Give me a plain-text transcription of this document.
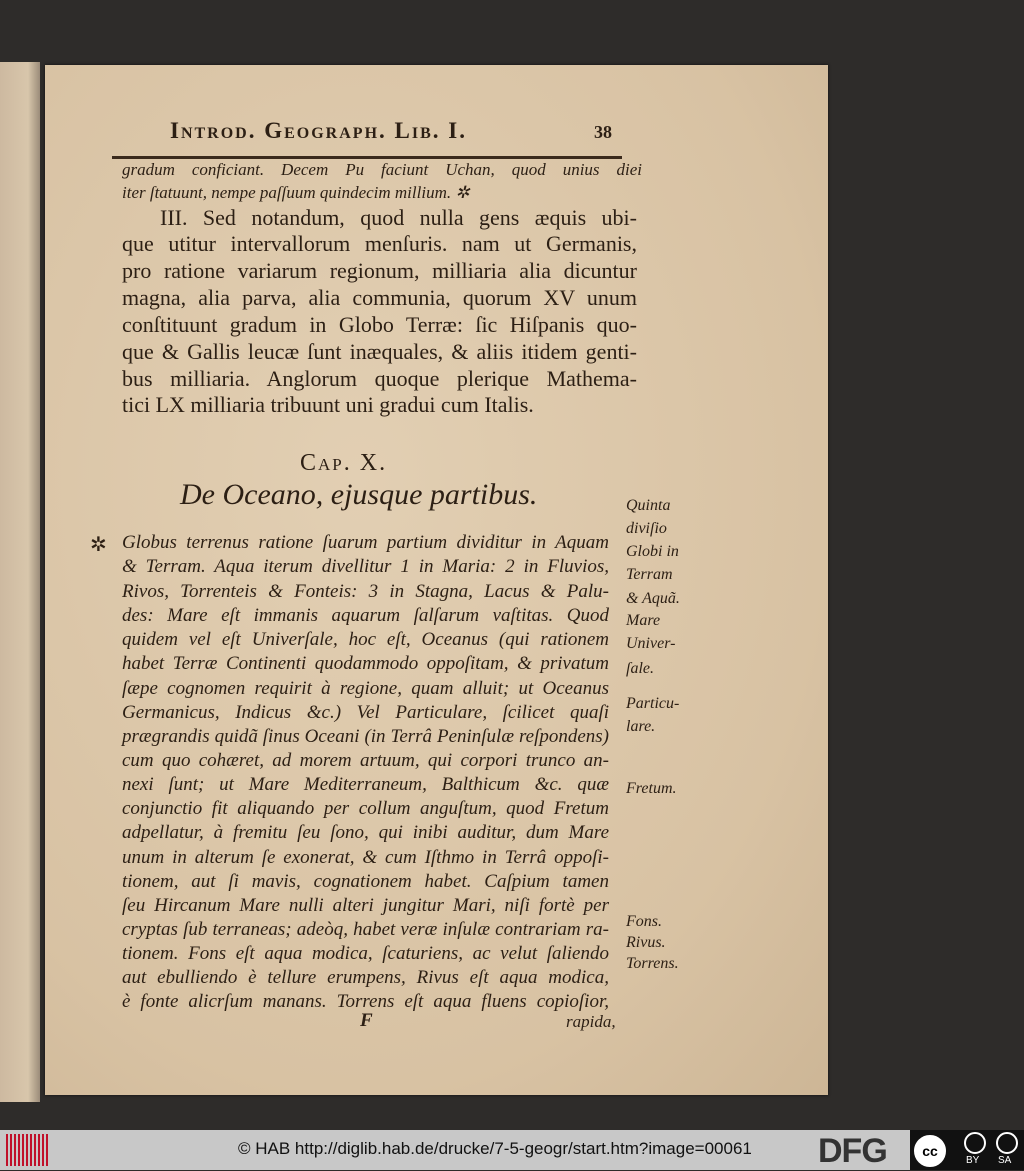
Introd. Geograph. Lib. I.	38
gradum conficiant. Decem Pu faciunt Uchan, quod unius diei
iter ſtatuunt, nempe paſſuum quindecim millium. ✲
III. Sed notandum, quod nulla gens æquis ubi-
que utitur intervallorum menſuris. nam ut Germanis,
pro ratione variarum regionum, milliaria alia dicuntur
magna, alia parva, alia communia, quorum XV unum
conſtituunt gradum in Globo Terræ: ſic Hiſpanis quo-
que & Gallis leucæ ſunt inæquales, & aliis itidem genti-
bus milliaria. Anglorum quoque plerique Mathema-
tici LX milliaria tribuunt uni gradui cum Italis.
Cap. X.
De Oceano, ejusque partibus.
✲ Globus terrenus ratione ſuarum partium dividitur in Aquam
& Terram. Aqua iterum divellitur 1 in Maria: 2 in Fluvios,
Rivos, Torrenteis & Fonteis: 3 in Stagna, Lacus & Palu-
des: Mare eſt immanis aquarum ſalſarum vaſtitas. Quod
quidem vel eſt Univerſale, hoc eſt, Oceanus (qui rationem
habet Terræ Continenti quodammodo oppoſitam, & privatum
ſæpe cognomen requirit à regione, quam alluit; ut Oceanus
Germanicus, Indicus &c.) Vel Particulare, ſcilicet quaſi
prægrandis quidã ſinus Oceani (in Terrâ Peninſulæ reſpondens)
cum quo cohæret, ad morem artuum, qui corpori trunco an-
nexi ſunt; ut Mare Mediterraneum, Balthicum &c. quæ
conjunctio fit aliquando per collum anguſtum, quod Fretum
adpellatur, à fremitu ſeu ſono, qui inibi auditur, dum Mare
unum in alterum ſe exonerat, & cum Iſthmo in Terrâ oppoſi-
tionem, aut ſi mavis, cognationem habet. Caſpium tamen
ſeu Hircanum Mare nulli alteri jungitur Mari, niſi fortè per
cryptas ſub terraneas; adeòq, habet veræ inſulæ contrariam ra-
tionem. Fons eſt aqua modica, ſcaturiens, ac velut ſaliendo
aut ebulliendo è tellure erumpens, Rivus eſt aqua modica,
è fonte alicrſum manans. Torrens eſt aqua fluens copioſior,
Quinta
diviſio
Globi in
Terram
& Aquã.
Mare
Univer-
ſale.
Particu-
lare.
Fretum.
Fons.
Rivus.
Torrens.
F	rapida,
© HAB http://diglib.hab.de/drucke/7-5-geogr/start.htm?image=00061 DFG	cc
BY SA
